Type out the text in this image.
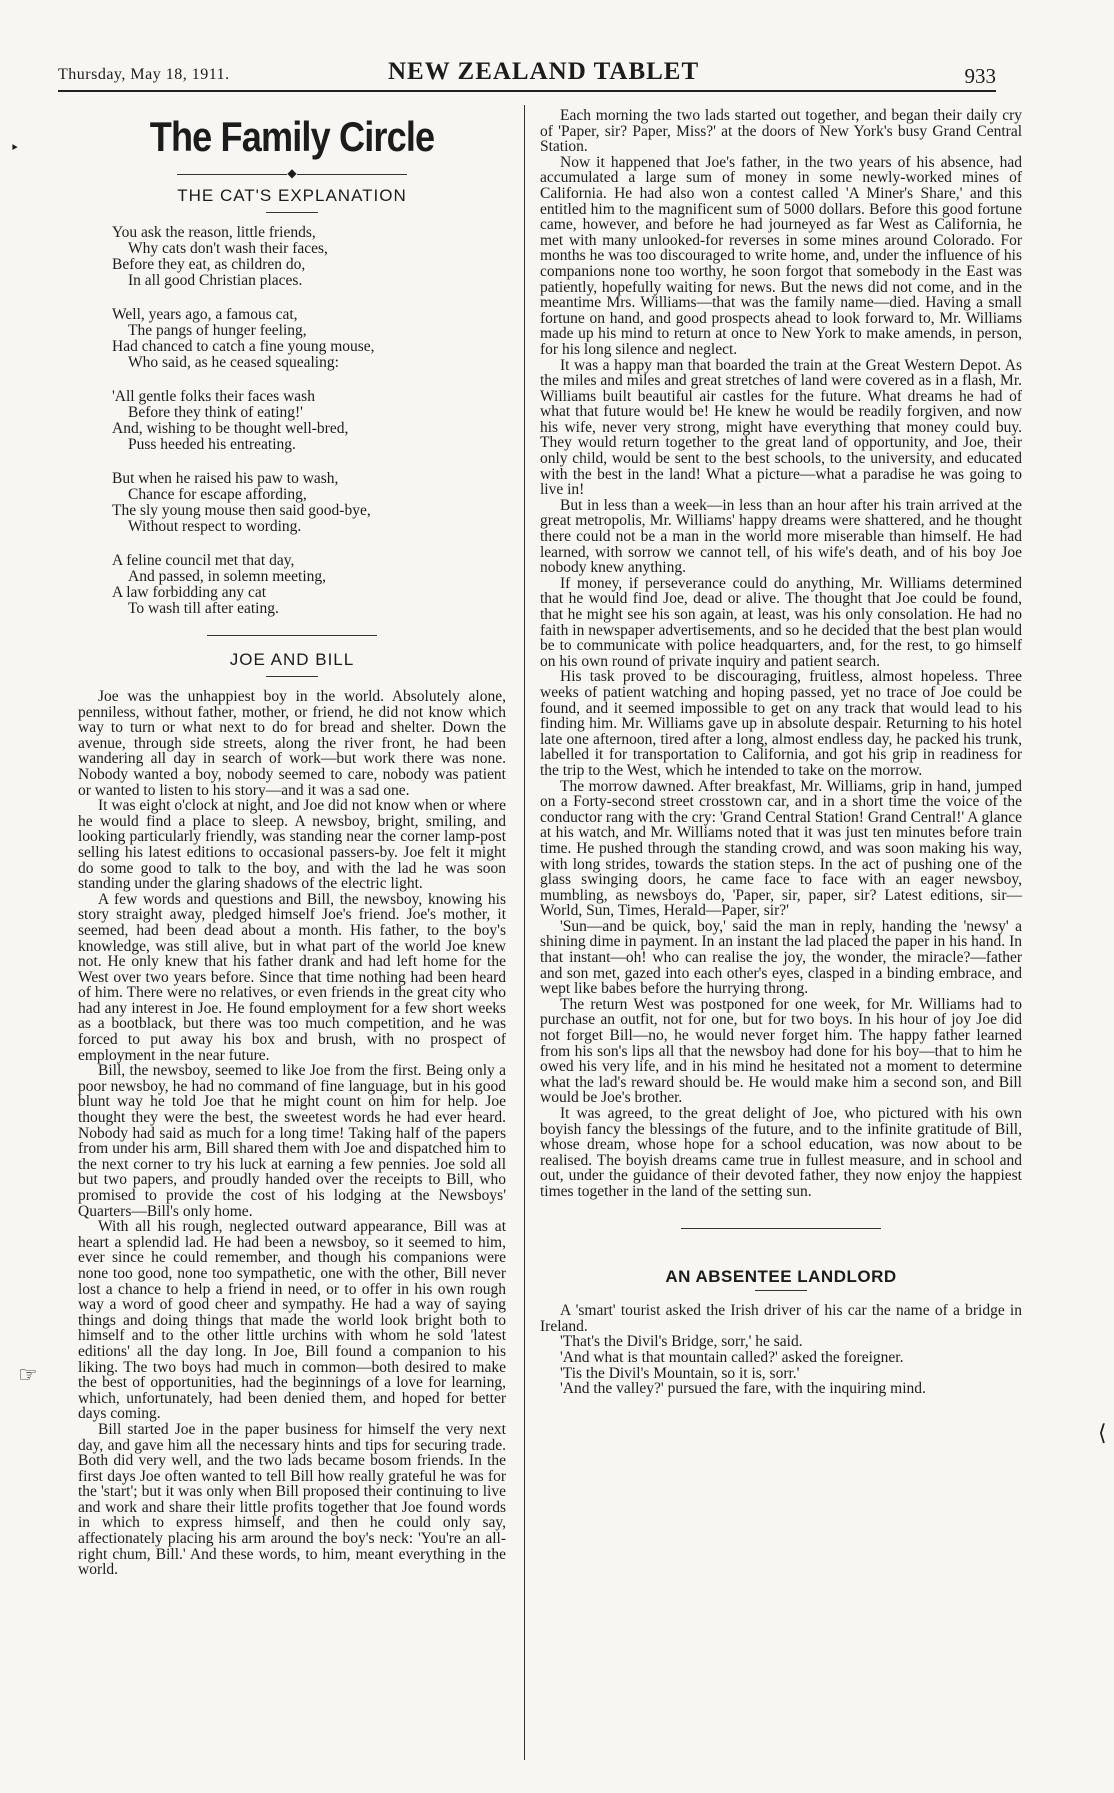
Thursday, May 18, 1911.	NEW ZEALAND TABLET	933
‣
☞
⟨
The Family Circle
◆
THE CAT'S EXPLANATION
You ask the reason, little friends,
Why cats don't wash their faces,
Before they eat, as children do,
In all good Christian places.
Well, years ago, a famous cat,
The pangs of hunger feeling,
Had chanced to catch a fine young mouse,
Who said, as he ceased squealing:
'All gentle folks their faces wash
Before they think of eating!'
And, wishing to be thought well-bred,
Puss heeded his entreating.
But when he raised his paw to wash,
Chance for escape affording,
The sly young mouse then said good-bye,
Without respect to wording.
A feline council met that day,
And passed, in solemn meeting,
A law forbidding any cat
To wash till after eating.
JOE AND BILL

Joe was the unhappiest boy in the world. Absolutely alone, penniless, without father, mother, or friend, he did not know which way to turn or what next to do for bread and shelter. Down the avenue, through side streets, along the river front, he had been wandering all day in search of work—but work there was none. Nobody wanted a boy, nobody seemed to care, nobody was patient or wanted to listen to his story—and it was a sad one.

It was eight o'clock at night, and Joe did not know when or where he would find a place to sleep. A newsboy, bright, smiling, and looking particularly friendly, was standing near the corner lamp-post selling his latest editions to occasional passers-by. Joe felt it might do some good to talk to the boy, and with the lad he was soon standing under the glaring shadows of the electric light.

A few words and questions and Bill, the newsboy, knowing his story straight away, pledged himself Joe's friend. Joe's mother, it seemed, had been dead about a month. His father, to the boy's knowledge, was still alive, but in what part of the world Joe knew not. He only knew that his father drank and had left home for the West over two years before. Since that time nothing had been heard of him. There were no relatives, or even friends in the great city who had any interest in Joe. He found employment for a few short weeks as a bootblack, but there was too much competition, and he was forced to put away his box and brush, with no prospect of employment in the near future.

Bill, the newsboy, seemed to like Joe from the first. Being only a poor newsboy, he had no command of fine language, but in his good blunt way he told Joe that he might count on him for help. Joe thought they were the best, the sweetest words he had ever heard. Nobody had said as much for a long time! Taking half of the papers from under his arm, Bill shared them with Joe and dispatched him to the next corner to try his luck at earning a few pennies. Joe sold all but two papers, and proudly handed over the receipts to Bill, who promised to provide the cost of his lodging at the Newsboys' Quarters—Bill's only home.

With all his rough, neglected outward appearance, Bill was at heart a splendid lad. He had been a newsboy, so it seemed to him, ever since he could remember, and though his companions were none too good, none too sympathetic, one with the other, Bill never lost a chance to help a friend in need, or to offer in his own rough way a word of good cheer and sympathy. He had a way of saying things and doing things that made the world look bright both to himself and to the other little urchins with whom he sold 'latest editions' all the day long. In Joe, Bill found a companion to his liking. The two boys had much in common—both desired to make the best of opportunities, had the beginnings of a love for learning, which, unfortunately, had been denied them, and hoped for better days coming.

Bill started Joe in the paper business for himself the very next day, and gave him all the necessary hints and tips for securing trade. Both did very well, and the two lads became bosom friends. In the first days Joe often wanted to tell Bill how really grateful he was for the 'start'; but it was only when Bill proposed their continuing to live and work and share their little profits together that Joe found words in which to express himself, and then he could only say, affectionately placing his arm around the boy's neck: 'You're an all-right chum, Bill.' And these words, to him, meant everything in the world.

Each morning the two lads started out together, and began their daily cry of 'Paper, sir? Paper, Miss?' at the doors of New York's busy Grand Central Station.

Now it happened that Joe's father, in the two years of his absence, had accumulated a large sum of money in some newly-worked mines of California. He had also won a contest called 'A Miner's Share,' and this entitled him to the magnificent sum of 5000 dollars. Before this good fortune came, however, and before he had journeyed as far West as California, he met with many unlooked-for reverses in some mines around Colorado. For months he was too discouraged to write home, and, under the influence of his companions none too worthy, he soon forgot that somebody in the East was patiently, hopefully waiting for news. But the news did not come, and in the meantime Mrs. Williams—that was the family name—died. Having a small fortune on hand, and good prospects ahead to look forward to, Mr. Williams made up his mind to return at once to New York to make amends, in person, for his long silence and neglect.

It was a happy man that boarded the train at the Great Western Depot. As the miles and miles and great stretches of land were covered as in a flash, Mr. Williams built beautiful air castles for the future. What dreams he had of what that future would be! He knew he would be readily forgiven, and now his wife, never very strong, might have everything that money could buy. They would return together to the great land of opportunity, and Joe, their only child, would be sent to the best schools, to the university, and educated with the best in the land! What a picture—what a paradise he was going to live in!

But in less than a week—in less than an hour after his train arrived at the great metropolis, Mr. Williams' happy dreams were shattered, and he thought there could not be a man in the world more miserable than himself. He had learned, with sorrow we cannot tell, of his wife's death, and of his boy Joe nobody knew anything.

If money, if perseverance could do anything, Mr. Williams determined that he would find Joe, dead or alive. The thought that Joe could be found, that he might see his son again, at least, was his only consolation. He had no faith in newspaper advertisements, and so he decided that the best plan would be to communicate with police headquarters, and, for the rest, to go himself on his own round of private inquiry and patient search.

His task proved to be discouraging, fruitless, almost hopeless. Three weeks of patient watching and hoping passed, yet no trace of Joe could be found, and it seemed impossible to get on any track that would lead to his finding him. Mr. Williams gave up in absolute despair. Returning to his hotel late one afternoon, tired after a long, almost endless day, he packed his trunk, labelled it for transportation to California, and got his grip in readiness for the trip to the West, which he intended to take on the morrow.

The morrow dawned. After breakfast, Mr. Williams, grip in hand, jumped on a Forty-second street crosstown car, and in a short time the voice of the conductor rang with the cry: 'Grand Central Station! Grand Central!' A glance at his watch, and Mr. Williams noted that it was just ten minutes before train time. He pushed through the standing crowd, and was soon making his way, with long strides, towards the station steps. In the act of pushing one of the glass swinging doors, he came face to face with an eager newsboy, mumbling, as newsboys do, 'Paper, sir, paper, sir? Latest editions, sir—World, Sun, Times, Herald—Paper, sir?'

'Sun—and be quick, boy,' said the man in reply, handing the 'newsy' a shining dime in payment. In an instant the lad placed the paper in his hand. In that instant—oh! who can realise the joy, the wonder, the miracle?—father and son met, gazed into each other's eyes, clasped in a binding embrace, and wept like babes before the hurrying throng.

The return West was postponed for one week, for Mr. Williams had to purchase an outfit, not for one, but for two boys. In his hour of joy Joe did not forget Bill—no, he would never forget him. The happy father learned from his son's lips all that the newsboy had done for his boy—that to him he owed his very life, and in his mind he hesitated not a moment to determine what the lad's reward should be. He would make him a second son, and Bill would be Joe's brother.

It was agreed, to the great delight of Joe, who pictured with his own boyish fancy the blessings of the future, and to the infinite gratitude of Bill, whose dream, whose hope for a school education, was now about to be realised. The boyish dreams came true in fullest measure, and in school and out, under the guidance of their devoted father, they now enjoy the happiest times together in the land of the setting sun.

AN ABSENTEE LANDLORD

A 'smart' tourist asked the Irish driver of his car the name of a bridge in Ireland.

'That's the Divil's Bridge, sorr,' he said.

'And what is that mountain called?' asked the foreigner.

'Tis the Divil's Mountain, so it is, sorr.'

'And the valley?' pursued the fare, with the inquiring mind.
